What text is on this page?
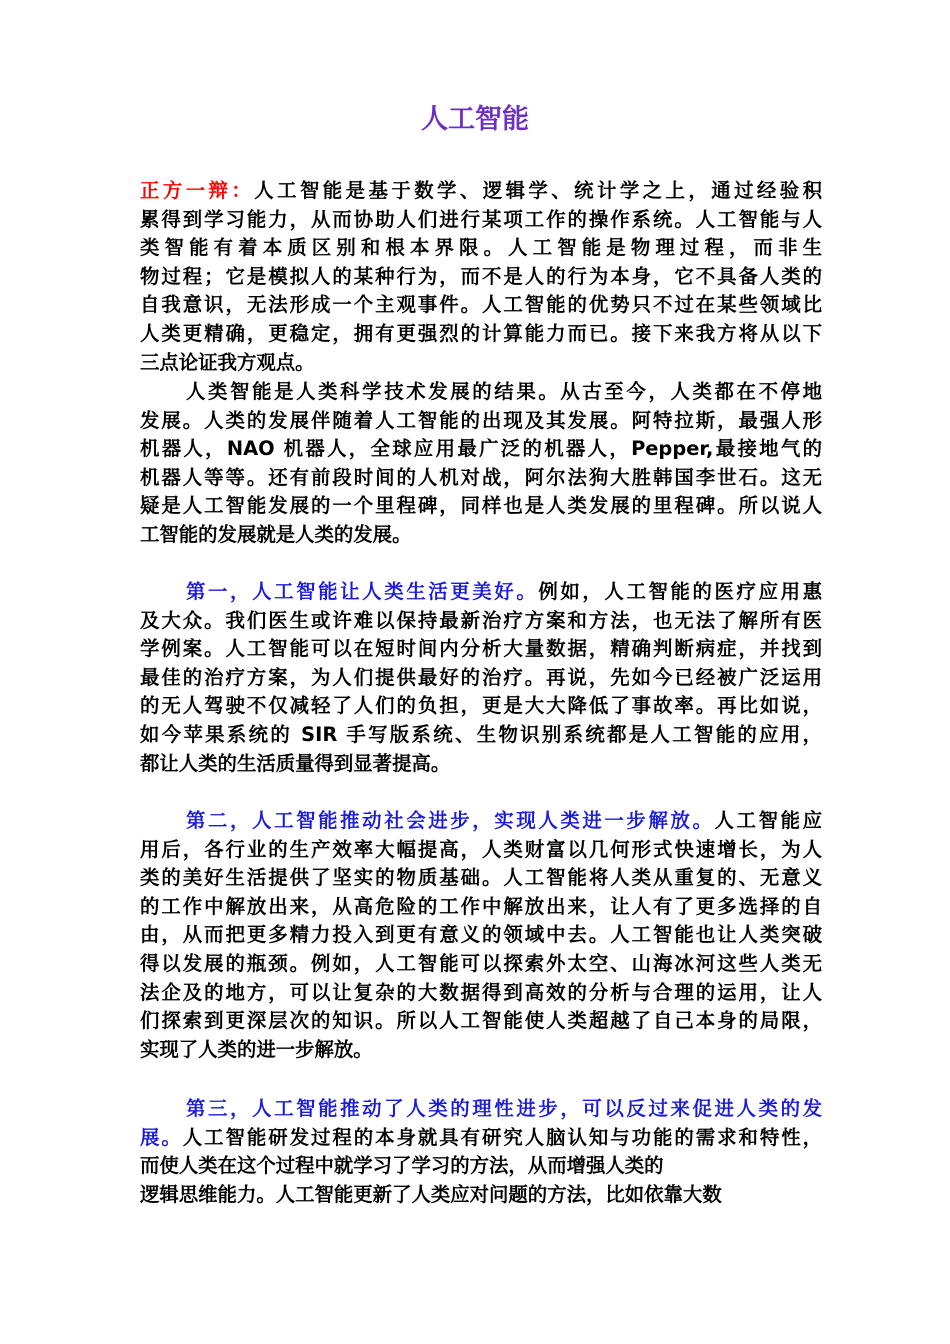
人工智能
正方一辩：人工智能是基于数学、逻辑学、统计学之上，通过经验积
累得到学习能力，从而协助人们进行某项工作的操作系统。人工智能与人
类智能有着本质区别和根本界限。人工智能是物理过程，而非生
物过程；它是模拟人的某种行为，而不是人的行为本身，它不具备人类的
自我意识，无法形成一个主观事件。人工智能的优势只不过在某些领域比
人类更精确，更稳定，拥有更强烈的计算能力而已。接下来我方将从以下
三点论证我方观点。
人类智能是人类科学技术发展的结果。从古至今，人类都在不停地
发展。人类的发展伴随着人工智能的出现及其发展。阿特拉斯，最强人形
机器人，NAO 机器人，全球应用最广泛的机器人，Pepper,最接地气的
机器人等等。还有前段时间的人机对战，阿尔法狗大胜韩国李世石。这无
疑是人工智能发展的一个里程碑，同样也是人类发展的里程碑。所以说人
工智能的发展就是人类的发展。
第一，人工智能让人类生活更美好。例如，人工智能的医疗应用惠
及大众。我们医生或许难以保持最新治疗方案和方法，也无法了解所有医
学例案。人工智能可以在短时间内分析大量数据，精确判断病症，并找到
最佳的治疗方案，为人们提供最好的治疗。再说，先如今已经被广泛运用
的无人驾驶不仅减轻了人们的负担，更是大大降低了事故率。再比如说，
如今苹果系统的 SIR 手写版系统、生物识别系统都是人工智能的应用，
都让人类的生活质量得到显著提高。
第二，人工智能推动社会进步，实现人类进一步解放。人工智能应
用后，各行业的生产效率大幅提高，人类财富以几何形式快速增长，为人
类的美好生活提供了坚实的物质基础。人工智能将人类从重复的、无意义
的工作中解放出来，从高危险的工作中解放出来，让人有了更多选择的自
由，从而把更多精力投入到更有意义的领域中去。人工智能也让人类突破
得以发展的瓶颈。例如，人工智能可以探索外太空、山海冰河这些人类无
法企及的地方，可以让复杂的大数据得到高效的分析与合理的运用，让人
们探索到更深层次的知识。所以人工智能使人类超越了自己本身的局限，
实现了人类的进一步解放。
第三，人工智能推动了人类的理性进步，可以反过来促进人类的发
展。人工智能研发过程的本身就具有研究人脑认知与功能的需求和特性，
而使人类在这个过程中就学习了学习的方法，从而增强人类的
逻辑思维能力。人工智能更新了人类应对问题的方法，比如依靠大数
